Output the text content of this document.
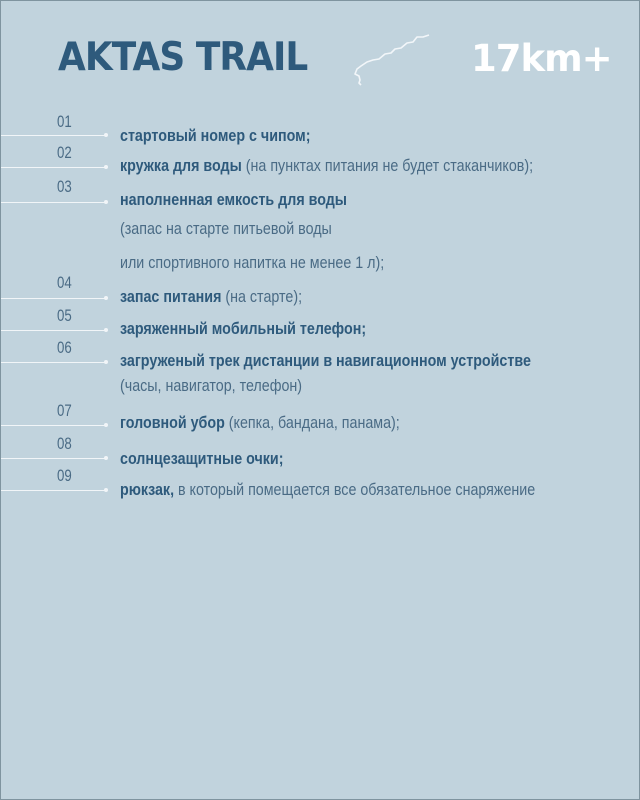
AKTAS TRAIL	17km+
01
стартовый номер с чипом;
02
кружка для воды (на пунктах питания не будет стаканчиков);
03
наполненная емкость для воды
(запас на старте питьевой воды
или спортивного напитка не менее 1 л);
04
запас питания (на старте);
05
заряженный мобильный телефон;
06
загруженый трек дистанции в навигационном устройстве
(часы, навигатор, телефон)
07
головной убор (кепка, бандана, панама);
08
солнцезащитные очки;
09
рюкзак, в который помещается все обязательное снаряжение
